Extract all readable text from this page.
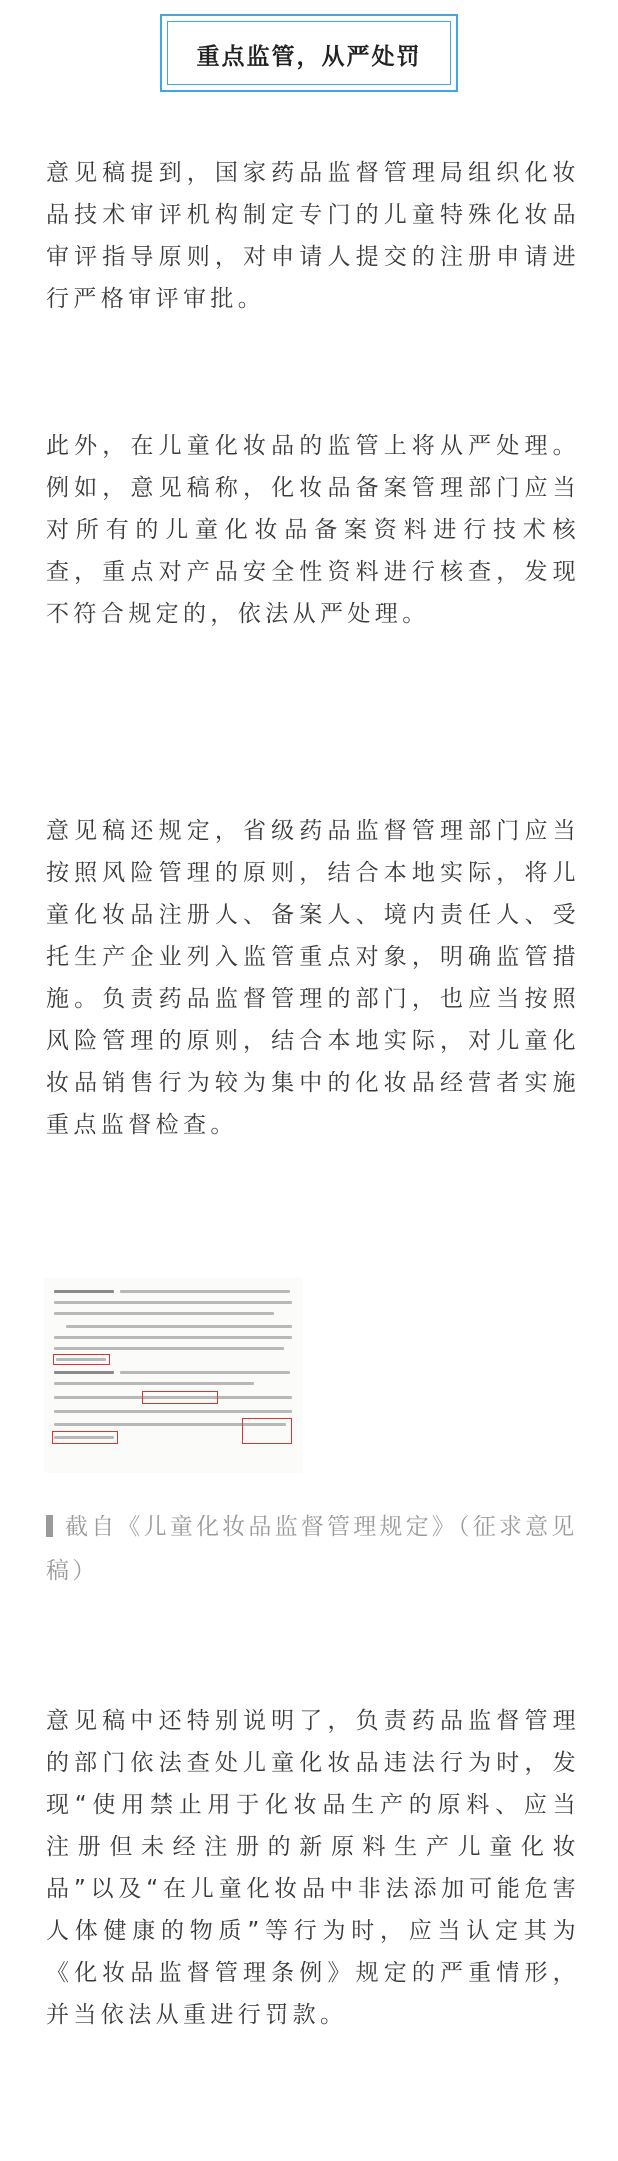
重点监管，从严处罚

意见稿提到，国家药品监督管理局组织化妆品技术审评机构制定专门的儿童特殊化妆品审评指导原则，对申请人提交的注册申请进行严格审评审批。

此外，在儿童化妆品的监管上将从严处理。例如，意见稿称，化妆品备案管理部门应当对所有的儿童化妆品备案资料进行技术核查，重点对产品安全性资料进行核查，发现不符合规定的，依法从严处理。

意见稿还规定，省级药品监督管理部门应当按照风险管理的原则，结合本地实际，将儿童化妆品注册人、备案人、境内责任人、受托生产企业列入监管重点对象，明确监管措施。负责药品监督管理的部门，也应当按照风险管理的原则，结合本地实际，对儿童化妆品销售行为较为集中的化妆品经营者实施重点监督检查。

截自《儿童化妆品监督管理规定》（征求意见稿）

意见稿中还特别说明了，负责药品监督管理的部门依法查处儿童化妆品违法行为时，发现“使用禁止用于化妆品生产的原料、应当注册但未经注册的新原料生产儿童化妆品”以及“在儿童化妆品中非法添加可能危害人体健康的物质”等行为时，应当认定其为《化妆品监督管理条例》规定的严重情形，并当依法从重进行罚款。
